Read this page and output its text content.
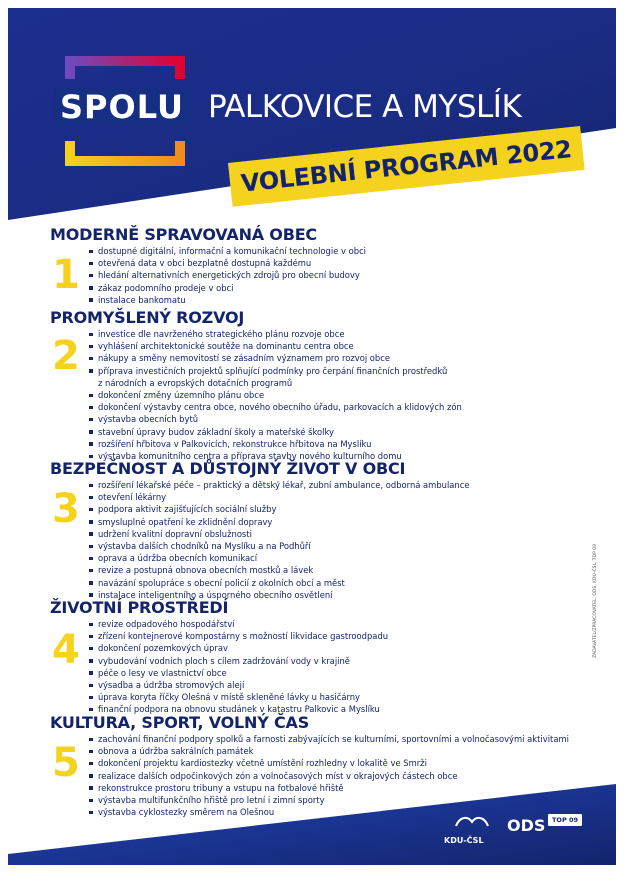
SPOLU PALKOVICE A MYSLÍK
VOLEBNÍ PROGRAM 2022
MODERNĚ SPRAVOVANÁ OBEC
1
dostupné digitální, informační a komunikační technologie v obci
otevřená data v obci bezplatně dostupná každému
hledání alternativních energetických zdrojů pro obecní budovy
zákaz podomního prodeje v obci
instalace bankomatu
PROMYŠLENÝ ROZVOJ
2	investice dle navrženého strategického plánu rozvoje obce
vyhlášení architektonické soutěže na dominantu centra obce
nákupy a směny nemovitostí se zásadním významem pro rozvoj obce
příprava investičních projektů splňující podmínky pro čerpání finančních prostředků
z národních a evropských dotačních programů
dokončení změny územního plánu obce
dokončení výstavby centra obce, nového obecního úřadu, parkovacích a klidových zón
výstavba obecních bytů
stavební úpravy budov základní školy a mateřské školky
rozšíření hřbitova v Palkovicích, rekonstrukce hřbitova na Myslíku
výstavba komunitního centra a příprava stavby nového kulturního domu
BEZPEČNOST A DŮSTOJNÝ ŽIVOT V OBCI
3
rozšíření lékařské péče – praktický a dětský lékař, zubní ambulance, odborná ambulance
otevření lékárny
podpora aktivit zajišťujících sociální služby
smysluplné opatření ke zklidnění dopravy
udržení kvalitní dopravní obslužnosti
výstavba dalších chodníků na Myslíku a na Podhůří
oprava a údržba obecních komunikací
revize a postupná obnova obecních mostků a lávek
navázání spolupráce s obecní policií z okolních obcí a měst
instalace inteligentního a úsporného obecního osvětlení
ŽIVOTNÍ PROSTŘEDÍ
4
revize odpadového hospodářství
zřízení kontejnerové kompostárny s možností likvidace gastroodpadu
dokončení pozemkových úprav
vybudování vodních ploch s cílem zadržování vody v krajině
péče o lesy ve vlastnictví obce
výsadba a údržba stromových alejí
úprava koryta říčky Olešná v místě skleněné lávky u hasičárny
finanční podpora na obnovu studánek v katastru Palkovic a Myslíku
KULTURA, SPORT, VOLNÝ ČAS
5
zachování finanční podpory spolků a farnosti zabývajících se kulturními, sportovními a volnočasovými aktivitami
obnova a údržba sakrálních památek
dokončení projektu kardiostezky včetně umístění rozhledny v lokalitě ve Smrži
realizace dalších odpočinkových zón a volnočasových míst v okrajových částech obce
rekonstrukce prostoru tribuny a vstupu na fotbalové hřiště
výstavba multifunkčního hřiště pro letní i zimní sporty
výstavba cyklostezky směrem na Olešnou
ZADAVATEL/ZPRACOVATEL: ODS, KDU-ČSL, TOP 09
KDU-ČSL
ODS	TOP 09
